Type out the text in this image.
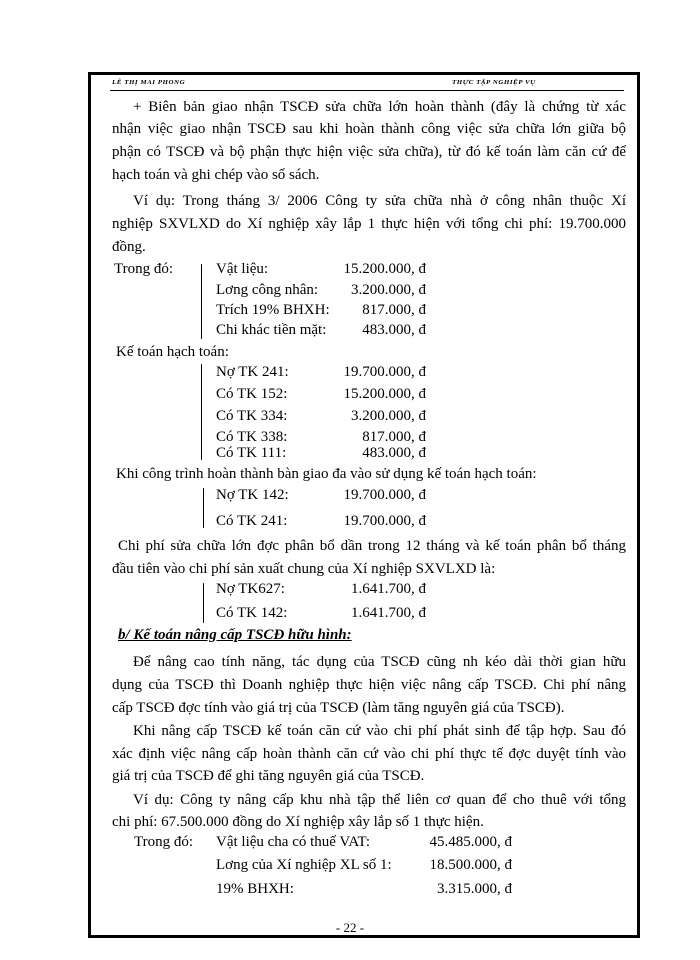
LÊ THỊ MAI PHONG	THỰC TẬP NGHIỆP VỤ
+ Biên bản giao nhận TSCĐ sửa chữa lớn hoàn thành (đây là chứng từ xác
nhận việc giao nhận TSCĐ sau khi hoàn thành công việc sửa chữa lớn giữa bộ
phận có TSCĐ và bộ phận thực hiện việc sửa chữa), từ đó kế toán làm căn cứ để
hạch toán và ghi chép vào sổ sách.
Ví dụ: Trong tháng 3/ 2006 Công ty sửa chữa nhà ở công nhân thuộc Xí
nghiệp SXVLXD do Xí nghiệp xây lắp 1 thực hiện với tổng chi phí: 19.700.000
đồng.
Trong đó:	Vật liệu:	15.200.000, đ
Lơng công nhân:	3.200.000, đ
Trích 19% BHXH:	817.000, đ
Chi khác tiền mặt:	483.000, đ
Kế toán hạch toán:
Nợ TK 241:	19.700.000, đ
Có TK 152:	15.200.000, đ
Có TK 334:	3.200.000, đ
Có TK 338:	817.000, đ
Có TK 111:	483.000, đ
Khi công trình hoàn thành bàn giao đa vào sử dụng kế toán hạch toán:
Nợ TK 142:	19.700.000, đ
Có TK 241:	19.700.000, đ
Chi phí sửa chữa lớn đợc phân bổ dần trong 12 tháng và kế toán phân bổ tháng
đầu tiên vào chi phí sản xuất chung của Xí nghiệp SXVLXD là:
Nợ TK627:	1.641.700, đ
Có TK 142:	1.641.700, đ
b/ Kế toán nâng cấp TSCĐ hữu hình:
Để nâng cao tính năng, tác dụng của TSCĐ cũng nh kéo dài thời gian hữu
dụng của TSCĐ thì Doanh nghiệp thực hiện việc nâng cấp TSCĐ. Chi phí nâng
cấp TSCĐ đợc tính vào giá trị của TSCĐ (làm tăng nguyên giá của TSCĐ).
Khi nâng cấp TSCĐ kế toán căn cứ vào chi phí phát sinh để tập hợp. Sau đó
xác định việc nâng cấp hoàn thành căn cứ vào chi phí thực tế đợc duyệt tính vào
giá trị của TSCĐ để ghi tăng nguyên giá của TSCĐ.
Ví dụ: Công ty nâng cấp khu nhà tập thể liên cơ quan để cho thuê với tổng
chi phí: 67.500.000 đồng do Xí nghiệp xây lắp số 1 thực hiện.
Trong đó: Vật liệu cha có thuế VAT:	45.485.000, đ
Lơng của Xí nghiệp XL số 1:	18.500.000, đ
19% BHXH:	3.315.000, đ
- 22 -
